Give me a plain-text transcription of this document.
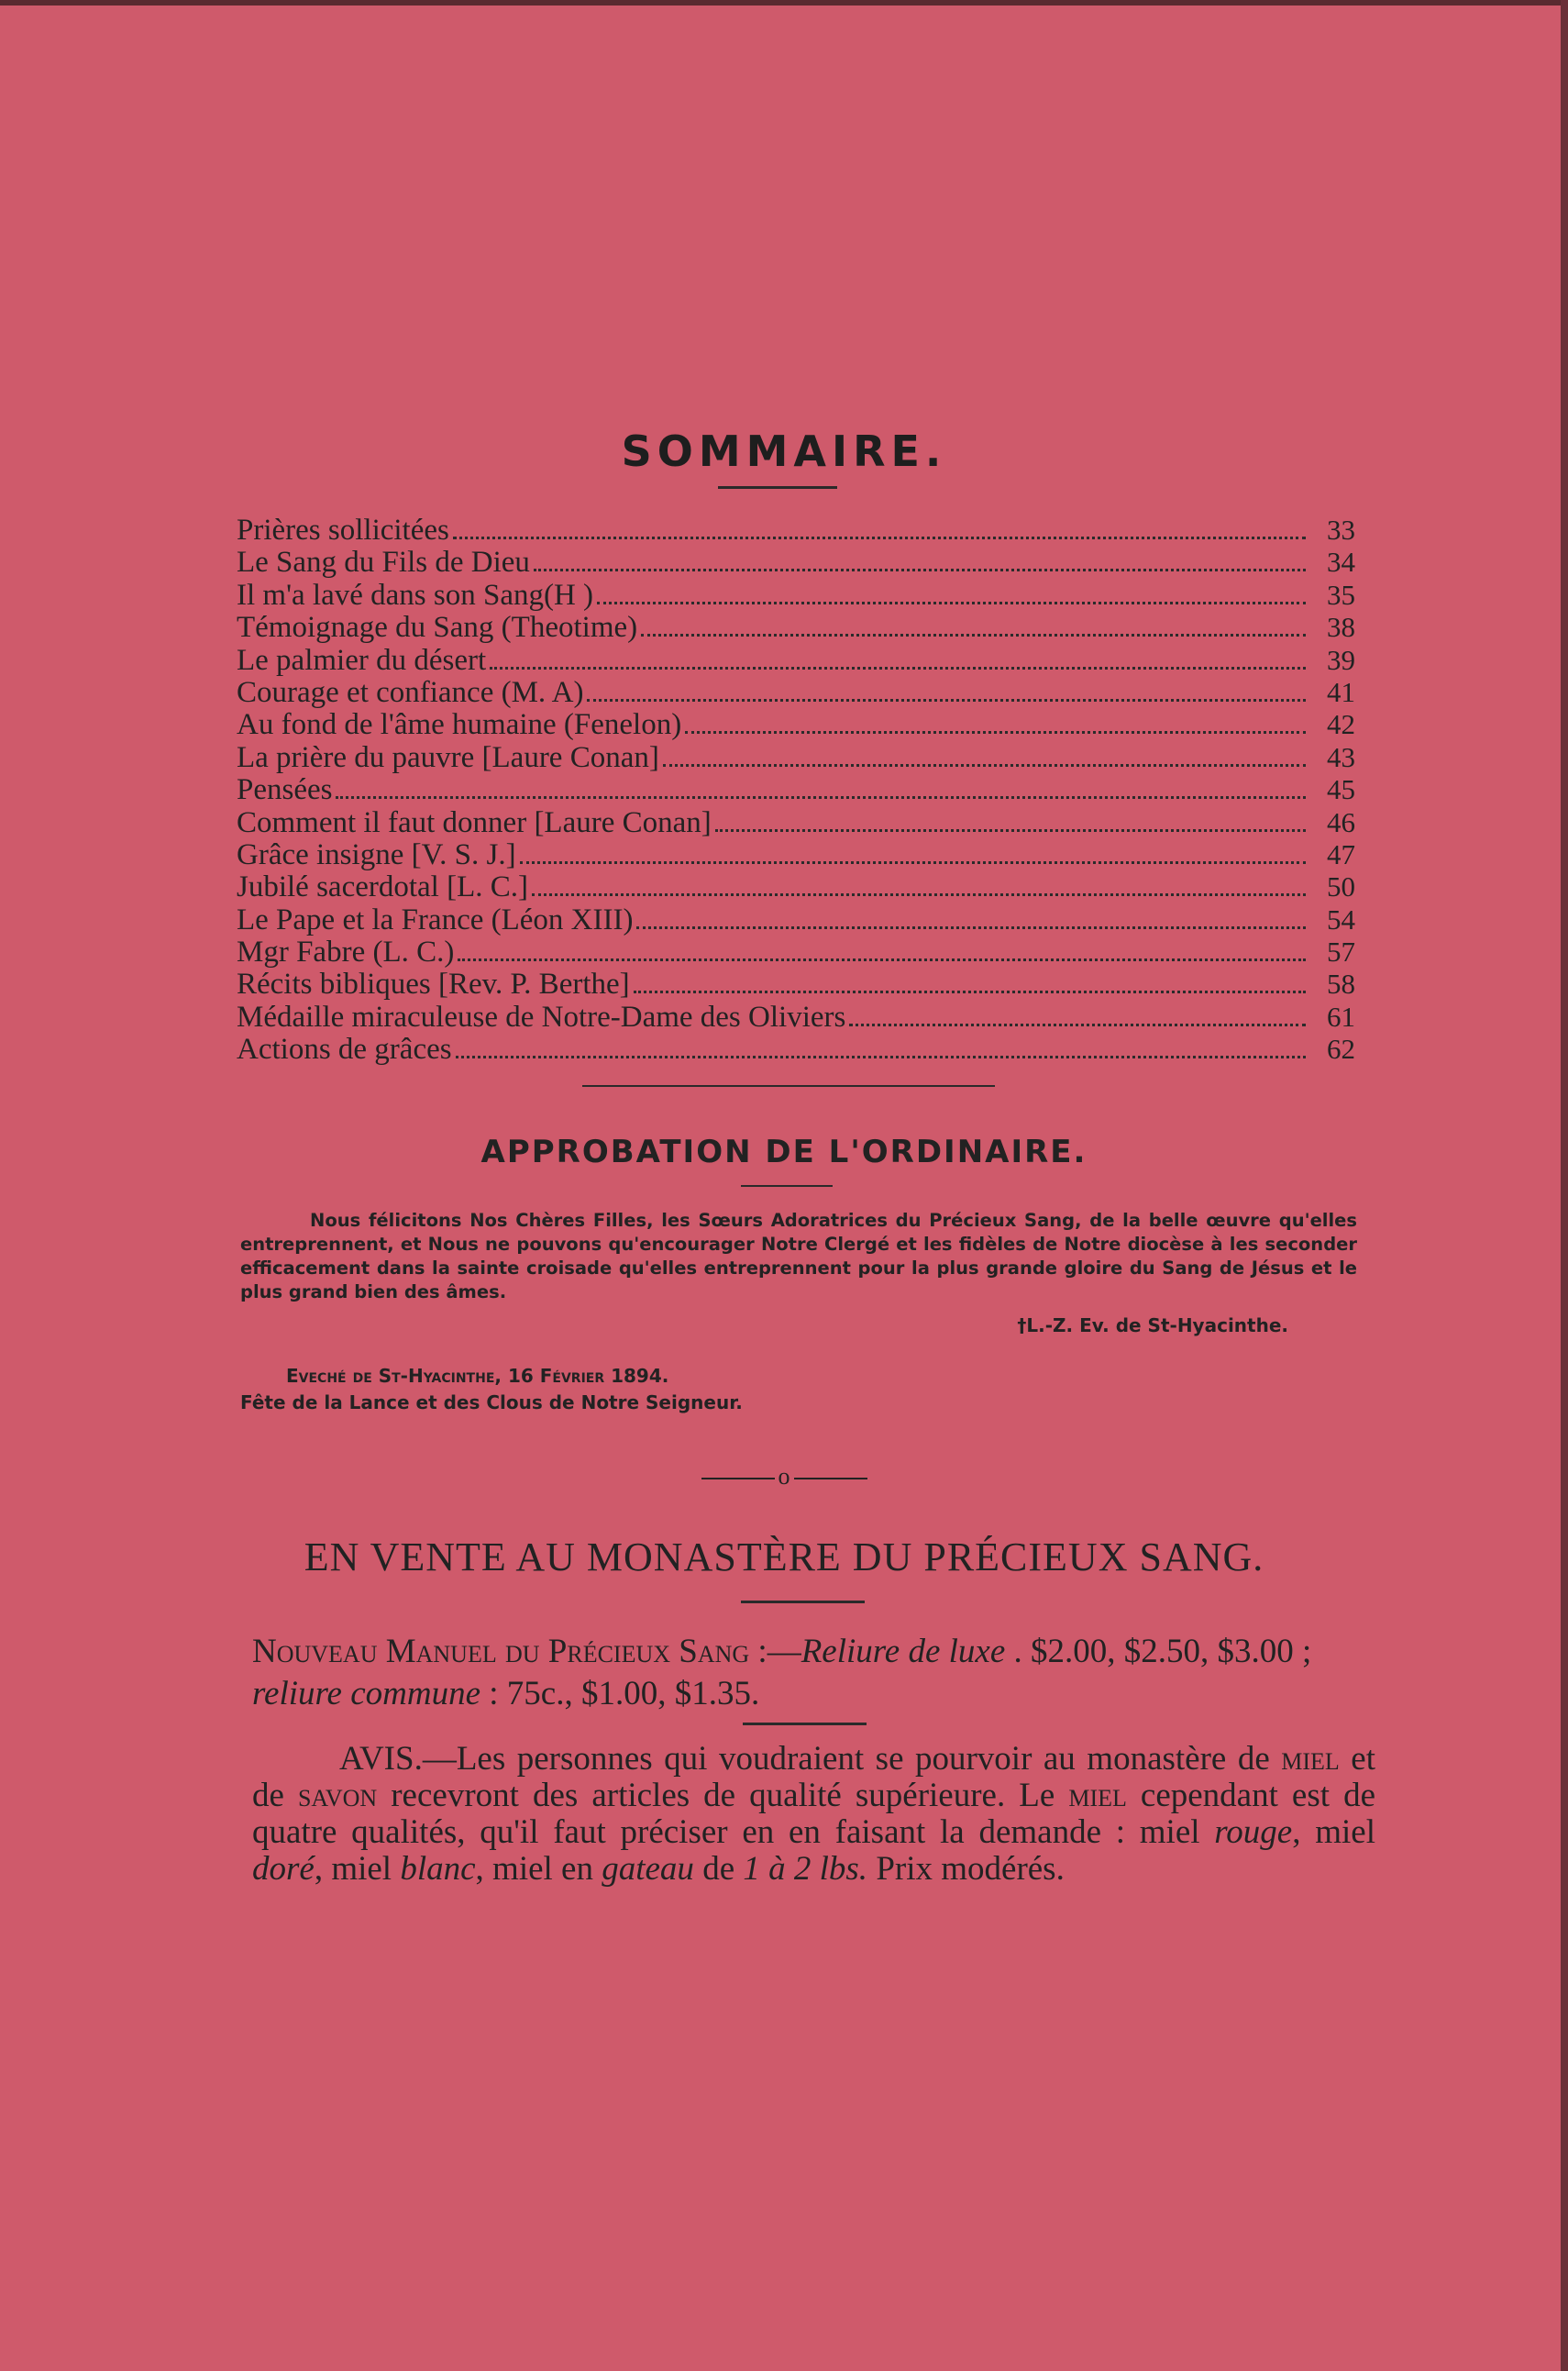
SOMMAIRE.
Prières sollicitées	33
Le Sang du Fils de Dieu	34
Il m'a lavé dans son Sang(H )	35
Témoignage du Sang (Theotime)	38
Le palmier du désert	39
Courage et confiance (M. A)	41
Au fond de l'âme humaine (Fenelon)	42
La prière du pauvre [Laure Conan]	43
Pensées	45
Comment il faut donner [Laure Conan]	46
Grâce insigne [V. S. J.]	47
Jubilé sacerdotal [L. C.]	50
Le Pape et la France (Léon XIII)	54
Mgr Fabre (L. C.)	57
Récits bibliques [Rev. P. Berthe]	58
Médaille miraculeuse de Notre-Dame des Oliviers	61
Actions de grâces	62
APPROBATION DE L'ORDINAIRE.
Nous félicitons Nos Chères Filles, les Sœurs Adoratrices du Précieux Sang, de la belle œuvre qu'elles entreprennent, et Nous ne pouvons qu'encourager Notre Clergé et les fidèles de Notre diocèse à les seconder efficacement dans la sainte croisade qu'elles entreprennent pour la plus grande gloire du Sang de Jésus et le plus grand bien des âmes.
†L.-Z. Ev. de St-Hyacinthe.
Eveché de St-Hyacinthe, 16 Février 1894.
Fête de la Lance et des Clous de Notre Seigneur.
o
EN VENTE AU MONASTÈRE DU PRÉCIEUX SANG.
Nouveau Manuel du Précieux Sang :—Reliure de luxe . $2.00, $2.50, $3.00 ; reliure commune : 75c., $1.00, $1.35.
AVIS.—Les personnes qui voudraient se pourvoir au monastère de miel et de savon recevront des articles de qualité supérieure. Le miel cependant est de quatre qualités, qu'il faut préciser en en faisant la demande : miel rouge, miel doré, miel blanc, miel en gateau de 1 à 2 lbs. Prix modérés.
